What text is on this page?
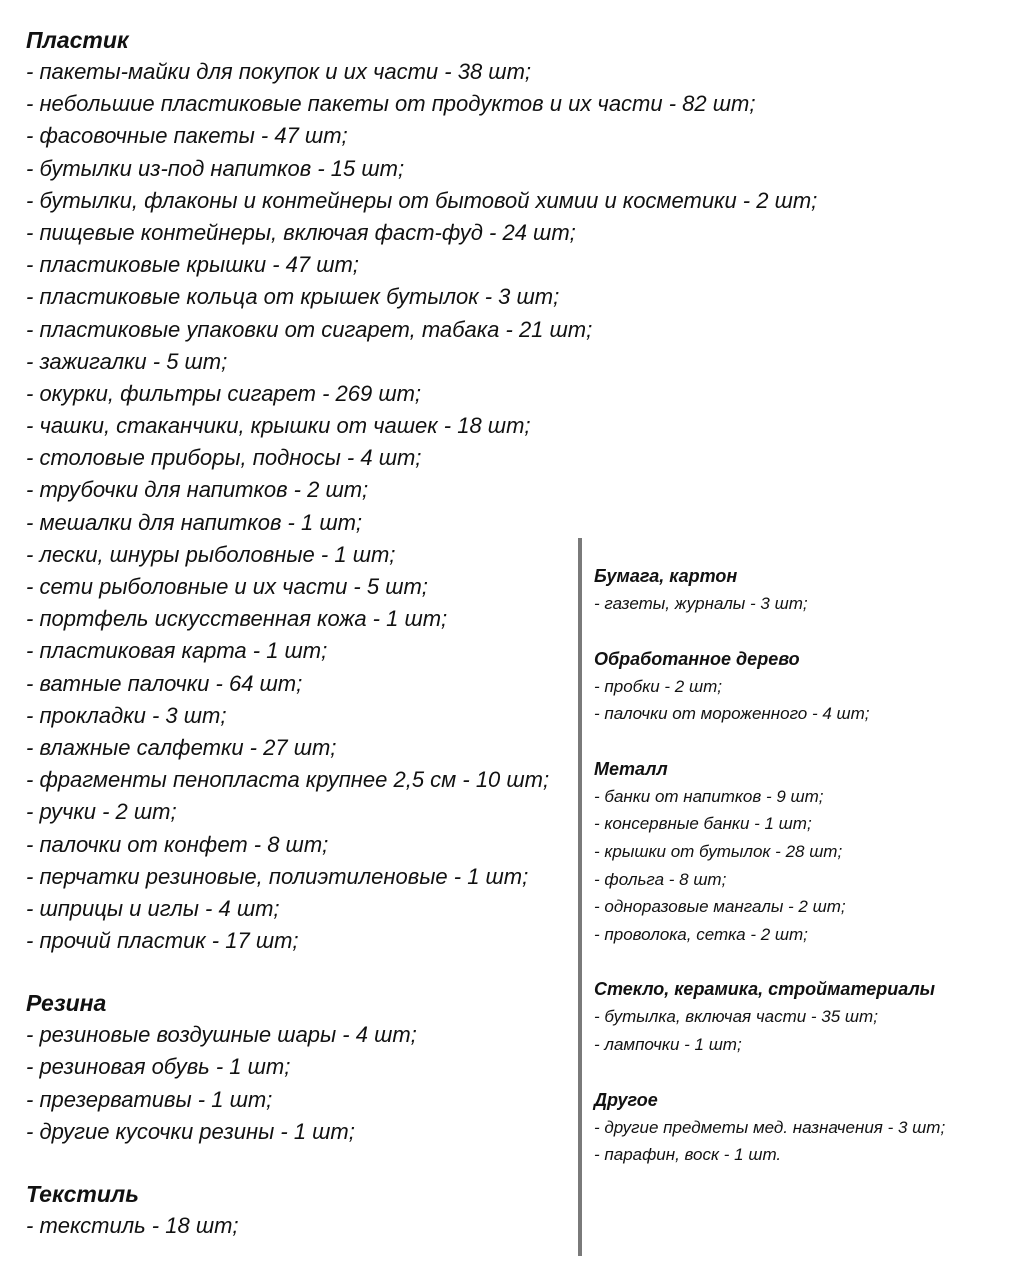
Пластик
- пакеты-майки для покупок и их части - 38 шт;
- небольшие пластиковые пакеты от продуктов и их части - 82 шт;
- фасовочные пакеты - 47 шт;
- бутылки из-под напитков - 15 шт;
- бутылки, флаконы и контейнеры от бытовой химии и косметики - 2 шт;
- пищевые контейнеры, включая фаст-фуд - 24 шт;
- пластиковые крышки - 47 шт;
- пластиковые кольца от крышек бутылок - 3 шт;
- пластиковые упаковки от сигарет, табака - 21 шт;
- зажигалки - 5 шт;
- окурки, фильтры сигарет - 269 шт;
- чашки, стаканчики, крышки от чашек - 18 шт;
- столовые приборы, подносы - 4 шт;
- трубочки для напитков - 2 шт;
- мешалки для напитков - 1 шт;
- лески, шнуры рыболовные - 1 шт;
- сети рыболовные и их части - 5 шт;
- портфель искусственная кожа - 1 шт;
- пластиковая карта - 1 шт;
- ватные палочки - 64 шт;
- прокладки - 3 шт;
- влажные салфетки - 27 шт;
- фрагменты пенопласта крупнее 2,5 см - 10 шт;
- ручки - 2 шт;
- палочки от конфет - 8 шт;
- перчатки резиновые, полиэтиленовые - 1 шт;
- шприцы и иглы - 4 шт;
- прочий пластик - 17 шт;
Резина
- резиновые воздушные шары - 4 шт;
- резиновая обувь - 1 шт;
- презервативы - 1 шт;
- другие кусочки резины - 1 шт;
Текстиль
- текстиль - 18 шт;
Бумага, картон
- газеты, журналы - 3 шт;
Обработанное дерево
- пробки - 2 шт;
- палочки от мороженного - 4 шт;
Металл
- банки от напитков - 9 шт;
- консервные банки - 1 шт;
- крышки от бутылок - 28 шт;
- фольга - 8 шт;
- одноразовые мангалы - 2 шт;
- проволока, сетка - 2 шт;
Стекло, керамика, стройматериалы
- бутылка, включая части - 35 шт;
- лампочки - 1 шт;
Другое
- другие предметы мед. назначения - 3 шт;
- парафин, воск - 1 шт.
